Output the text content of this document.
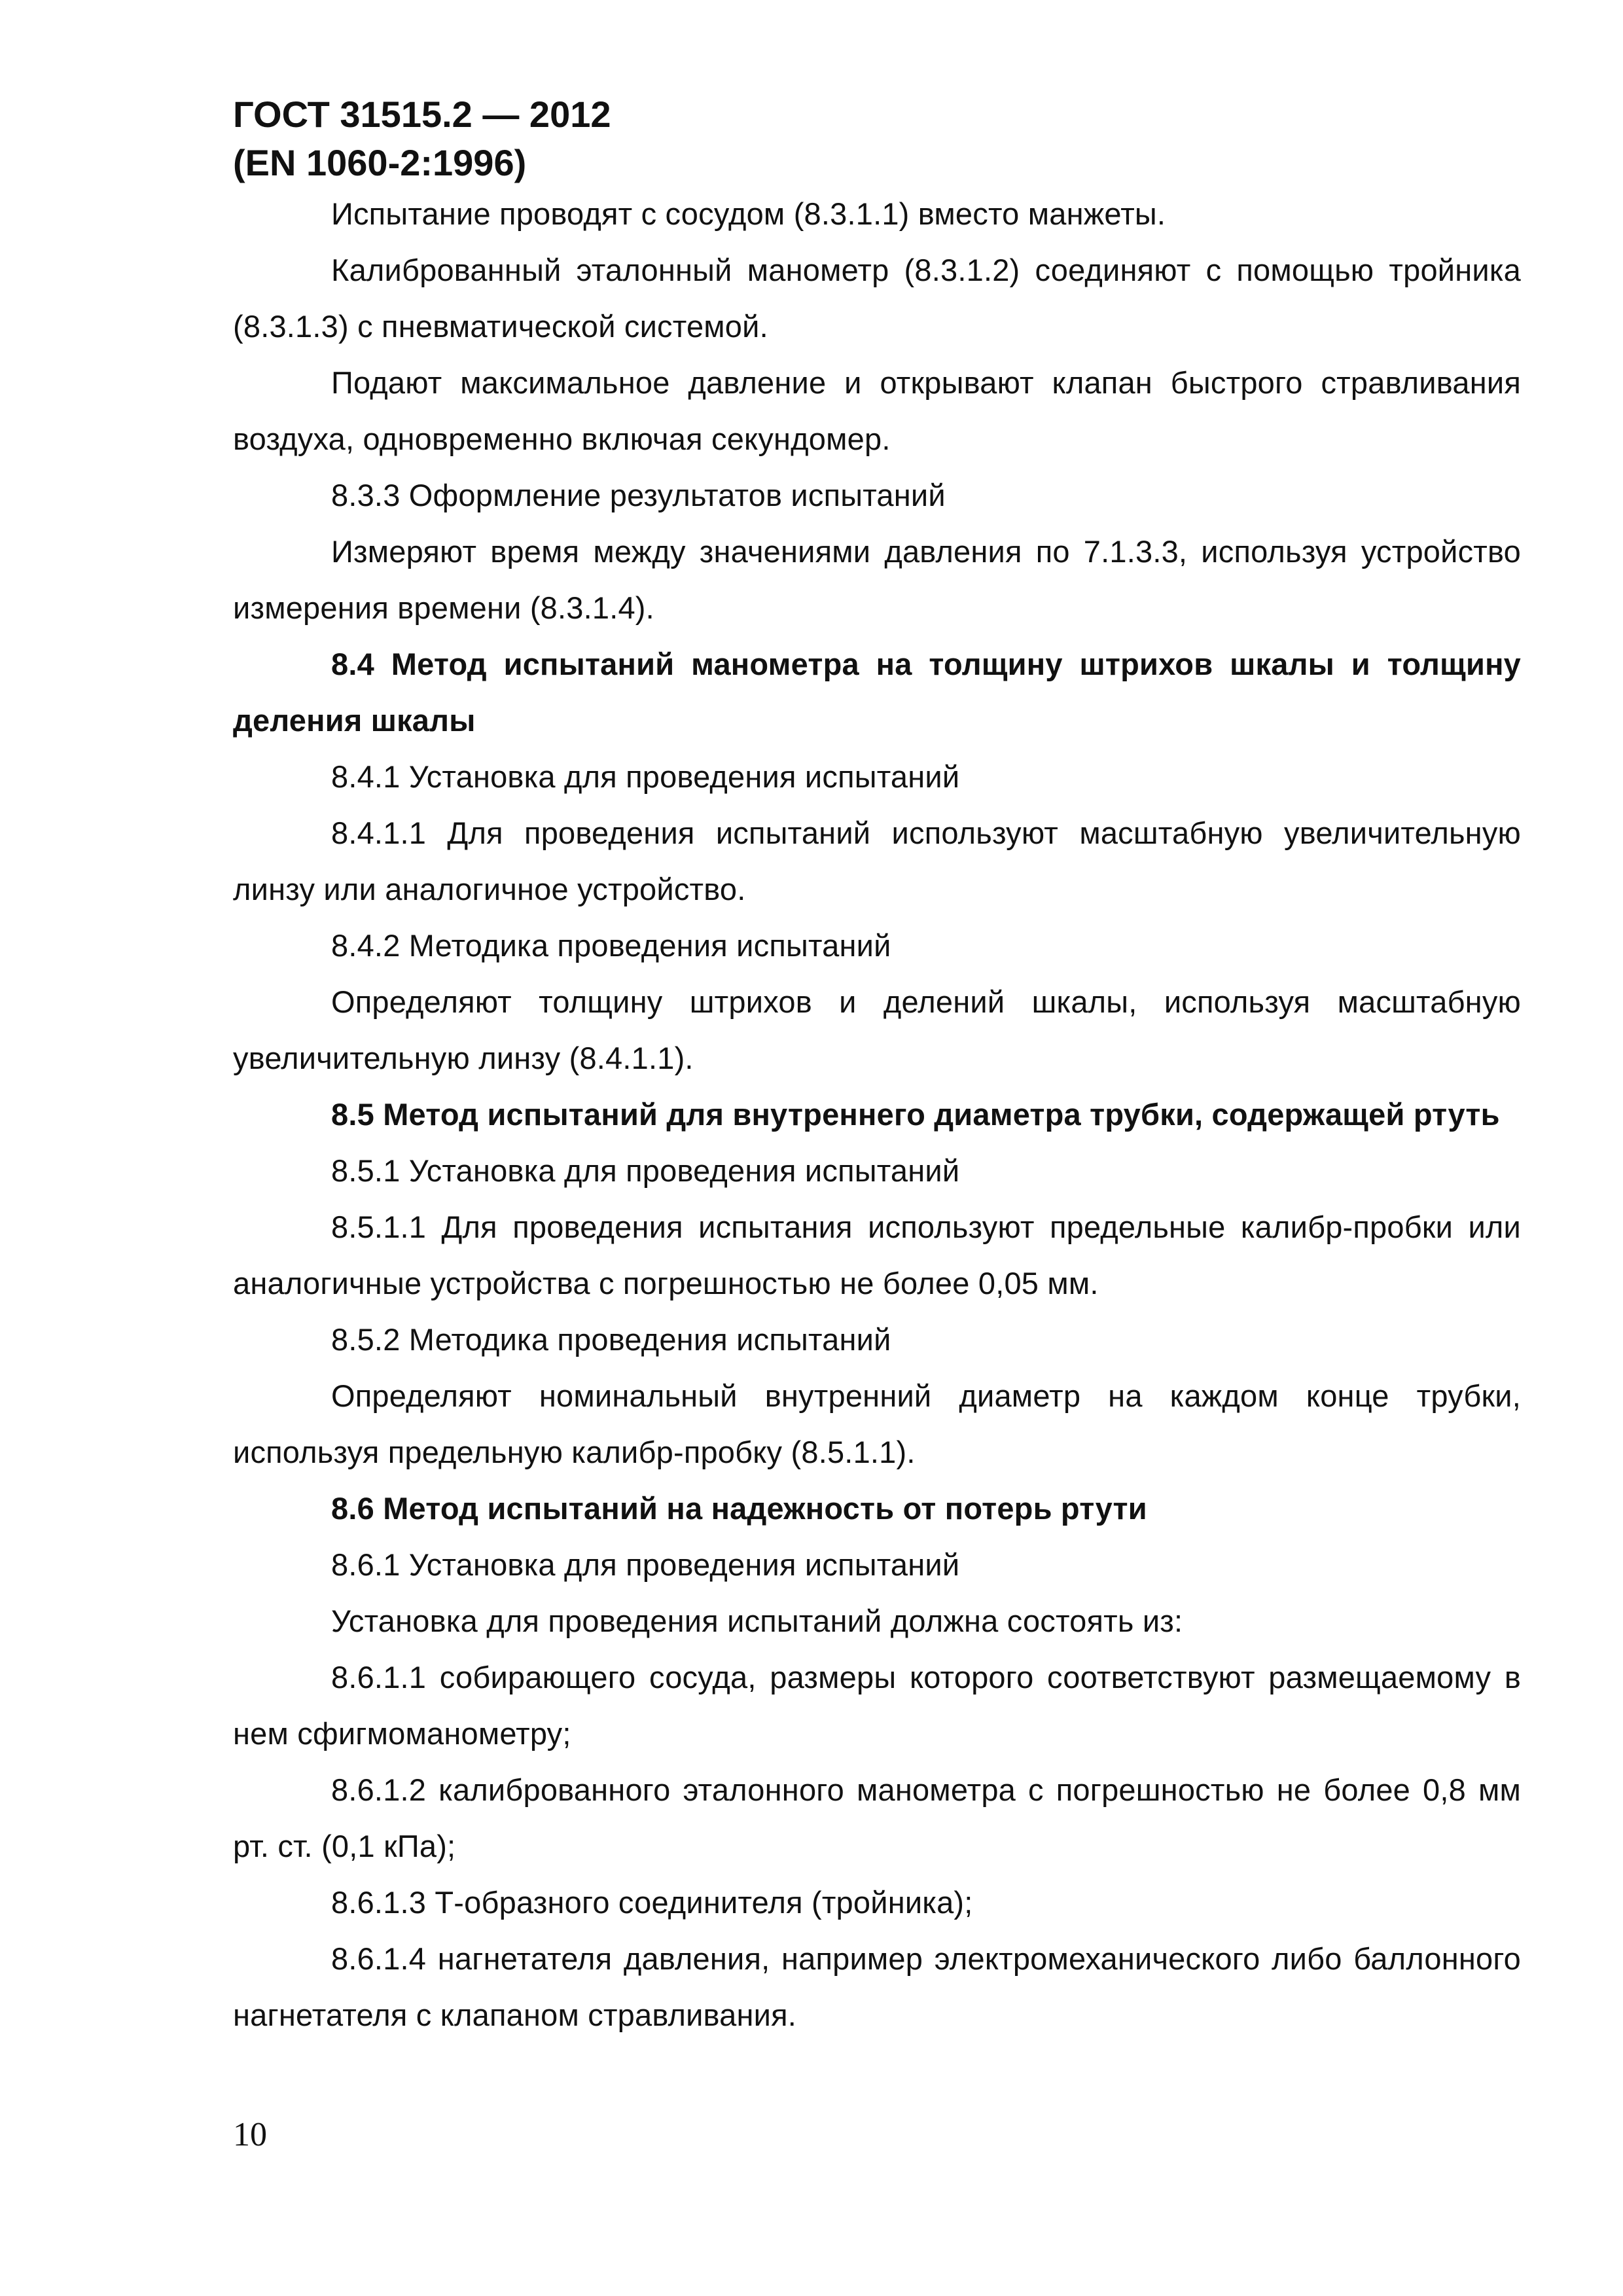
ГОСТ 31515.2 — 2012
(EN 1060-2:1996)

Испытание проводят с сосудом (8.3.1.1) вместо манжеты.

Калиброванный эталонный манометр (8.3.1.2) соединяют с помощью тройника (8.3.1.3) с пневматической системой.

Подают максимальное давление и открывают клапан быстрого стравливания воздуха, одновременно включая секундомер.

8.3.3 Оформление результатов испытаний

Измеряют время между значениями давления по 7.1.3.3, используя устройство измерения времени (8.3.1.4).

8.4 Метод испытаний манометра на толщину штрихов шкалы и толщину деления шкалы

8.4.1 Установка для проведения испытаний

8.4.1.1 Для проведения испытаний используют масштабную увеличительную линзу или аналогичное устройство.

8.4.2 Методика проведения испытаний

Определяют толщину штрихов и делений шкалы, используя масштабную увеличительную линзу (8.4.1.1).

8.5 Метод испытаний для внутреннего диаметра трубки, содержащей ртуть

8.5.1 Установка для проведения испытаний

8.5.1.1 Для проведения испытания используют предельные калибр-пробки или аналогичные устройства с погрешностью не более 0,05 мм.

8.5.2 Методика проведения испытаний

Определяют номинальный внутренний диаметр на каждом конце трубки, используя предельную калибр-пробку (8.5.1.1).

8.6 Метод испытаний на надежность от потерь ртути

8.6.1 Установка для проведения испытаний

Установка для проведения испытаний должна состоять из:

8.6.1.1 собирающего сосуда, размеры которого соответствуют размещаемому в нем сфигмоманометру;

8.6.1.2 калиброванного эталонного манометра с погрешностью не более 0,8 мм рт. ст. (0,1 кПа);

8.6.1.3 Т-образного соединителя (тройника);

8.6.1.4 нагнетателя давления, например электромеханического либо баллонного нагнетателя с клапаном стравливания.

10
